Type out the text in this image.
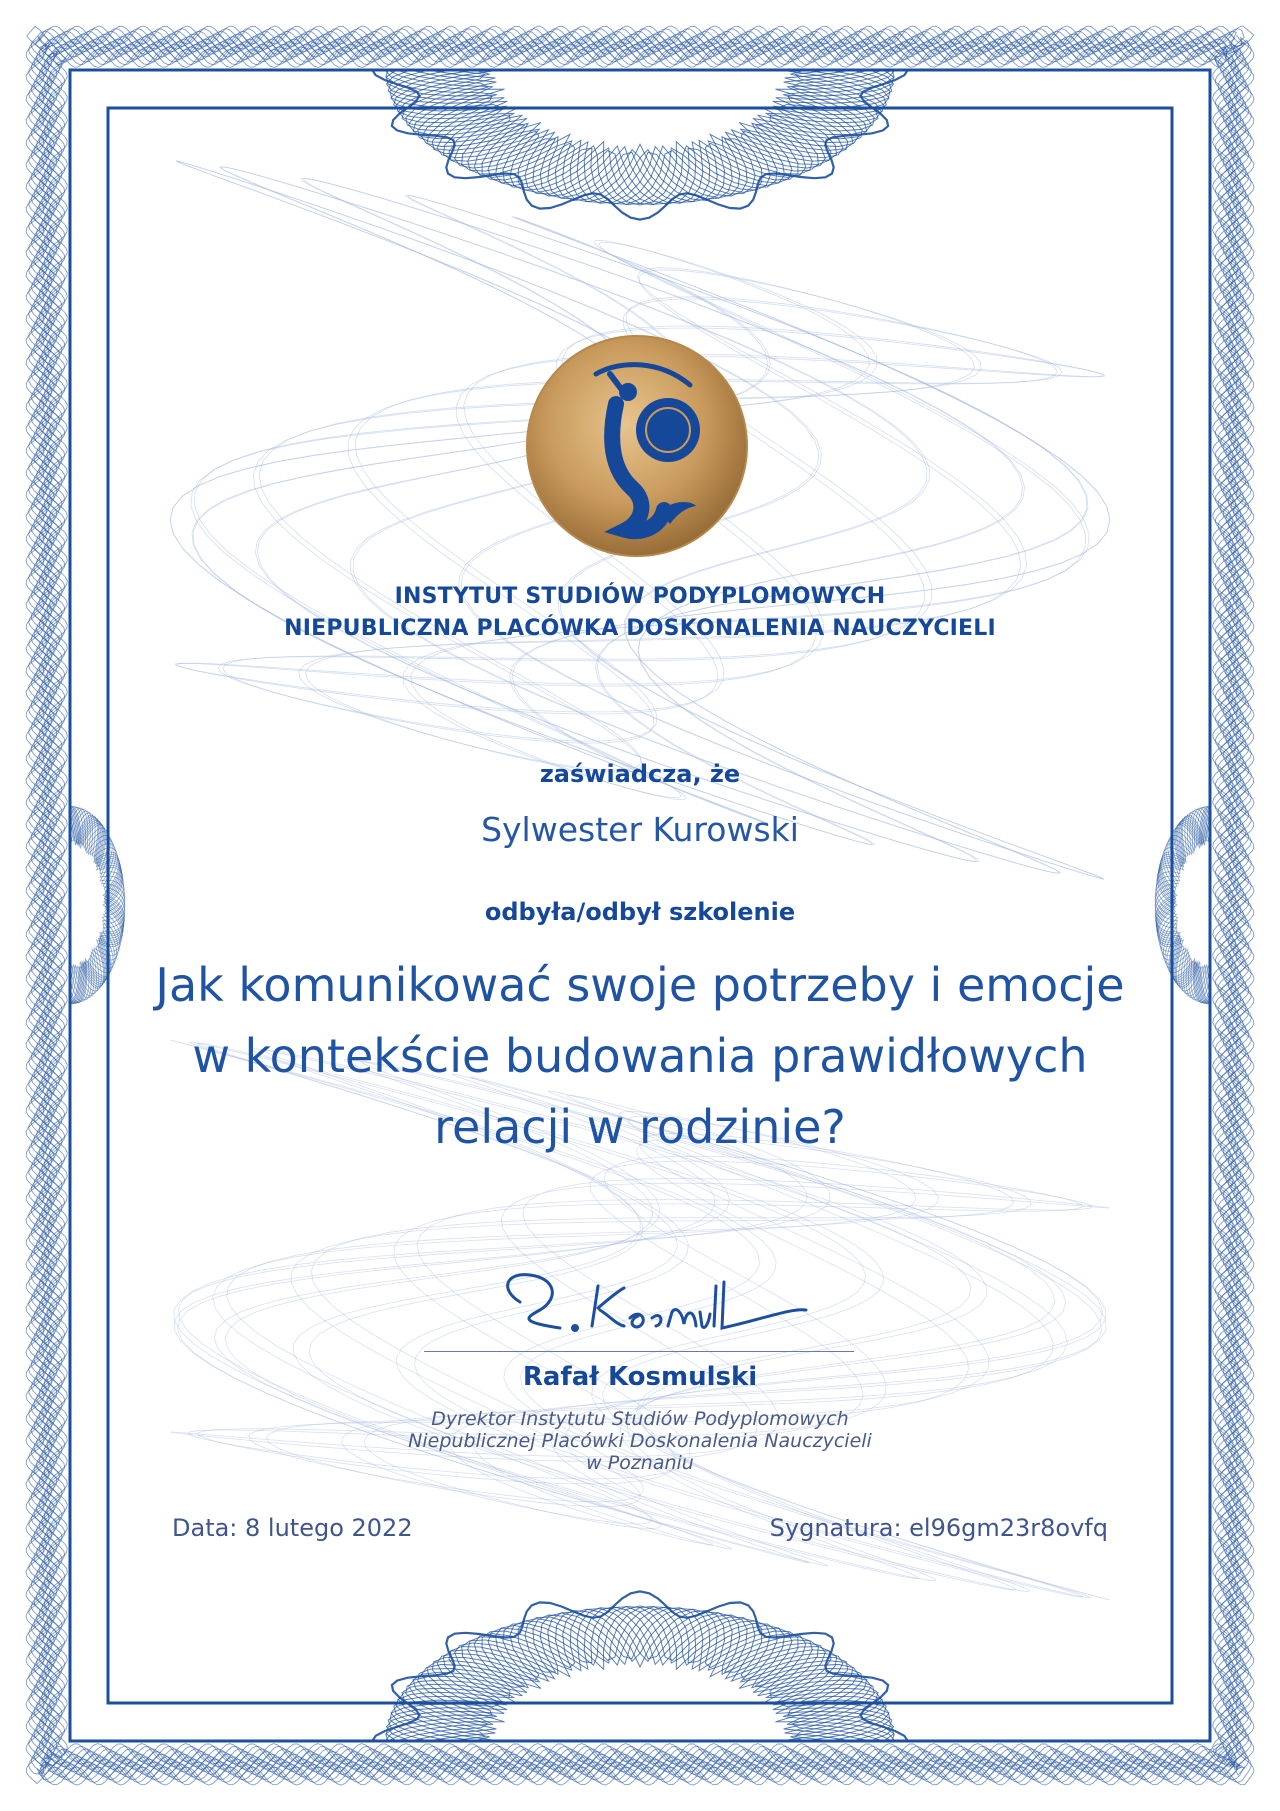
INSTYTUT STUDIÓW PODYPLOMOWYCH

NIEPUBLICZNA PLACÓWKA DOSKONALENIA NAUCZYCIELI

zaświadcza, że

Sylwester Kurowski

odbyła/odbył szkolenie

Jak komunikować swoje potrzeby i emocje
w kontekście budowania prawidłowych
relacji w rodzinie?

Rafał Kosmulski

Dyrektor Instytutu Studiów Podyplomowych
Niepublicznej Placówki Doskonalenia Nauczycieli
w Poznaniu
Data: 8 lutego 2022	Sygnatura: el96gm23r8ovfq
